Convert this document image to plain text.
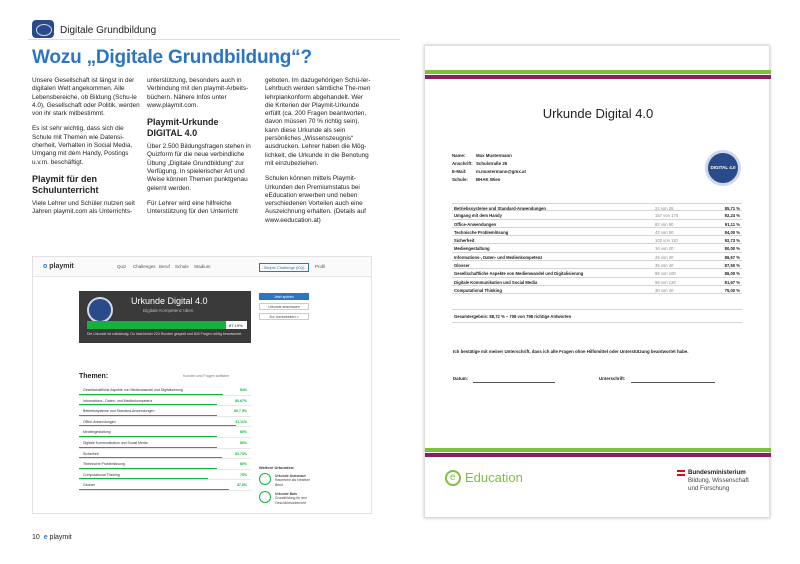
Digitale Grundbildung
Wozu „Digitale Grundbildung“?

Unsere Gesellschaft ist längst in der digitalen Welt angekommen. Alle Lebensbereiche, ob Bildung (Schu-le 4.0), Gesellschaft oder Politik, werden von ihr stark mitbestimmt.

Es ist sehr wichtig, dass sich die Schule mit Themen wie Datensi-cherheit, Verhalten in Social Media, Umgang mit dem Handy, Postings u.v.m. beschäftigt.

Playmit für den Schulunterricht

Viele Lehrer und Schüler nutzen seit Jahren playmit.com als Unterrichts-

unterstützung, besonders auch in Verbindung mit den playmit-Arbeits-büchern. Nähere Infos unter www.playmit.com.

Playmit-Urkunde DIGITAL 4.0

Über 2.500 Bildungsfragen stehen in Quizform für die neue verbindliche Übung „Digitale Grundbildung“ zur Verfügung. In spielerischer Art und Weise können Themen punktgenau gelernt werden.

Für Lehrer wird eine hilfreiche Unterstützung für den Unterricht

geboten. Im dazugehörigen Schü-ler-Lehrbuch werden sämtliche The-men lehrplankonform abgehandelt. Wer die Kriterien der Playmit-Urkunde erfüllt (ca. 200 Fragen beantworten, davon müssen 70 % richtig sein), kann diese Urkunde als sein persönliches „Wissenszeugnis“ ausdrucken. Lehrer haben die Mög-lichkeit, die Urkunde in die Benotung mit einzubeziehen.

Schulen können mittels Playmit-Urkunden den Premiumstatus bei eEducation erwerben und neben verschiedenen Vorteilen auch eine Auszeichnung erhalten. (Details auf www.eeducation.at)

o playmit	Quiz Challenges Beruf Schule Stadium	Simple Challenge (KQ)	Profil
Urkunde Digital 4.0
Digitale Kompetenz üben
87.19%
Die Urkunde ist vollständig. Du hast bisher 224 Runden gespielt und 840 Fragen richtig beantwortet.
Jetzt spielen
Urkunde anschauen
Zur Jurrkweekert >
Themen:	Kunden und Fragen auflisten
Gesellschaftliche Aspekte von Medienwandel und Digitalisierung	84%
Informations-, Daten- und Medienkompetenz	80.67%
Betriebssysteme und Standard-Anwendungen	80.7 5%
Office-Anwendungen	91.11%
Mediengestaltung	80%
Digitale Kommunikation und Social Media	80%
Sicherheit	82.73%
Technische Problemlösung	80%
Computational Thinking	75%
Glosser	87.5%
Weitere Urkunden:
Urkunde Astronaut
Raumfahrt als kreativer Beruf
Urkunde Bats
Grundbildung für den Geschichtsunterricht
10 e playmit
Urkunde Digital 4.0
DIGITAL 4.0
Name: Max Mustermann
Anschrift: Schulstraße 25
E-Mail: m.mustermann@gmx.at
Schule: BHAK Wien
Betriebssysteme und Standard-Anwendungen	24 von 28	85,71 %
Umgang mit dem Handy	157 von 170	92,24 %
Office-Anwendungen	82 von 90	91,11 %
Technische Problemlösung	42 von 50	84,00 %
Sicherheit	102 von 110	92,73 %
Mediengestaltung	16 von 20	80,00 %
Informations-, Daten- und Medienkompetenz	26 von 30	86,67 %
Glosser	35 von 40	87,50 %
Gesellschaftliche Aspekte von Medienwandel und Digitalisierung	86 von 100	86,00 %
Digitale Kommunikation und Social Media	98 von 120	81,67 %
Computational Thinking	30 von 40	75,00 %
Gesamtergebnis: 88,72 % – 708 von 798 richtige Antworten
Ich bestätige mit meiner Unterschrift, dass ich alle Fragen ohne Hilfsmittel oder Unterstützung beantwortet habe.
Datum:	Unterschrift:
e
Education	Bundesministerium
Bildung, Wissenschaft
und Forschung
